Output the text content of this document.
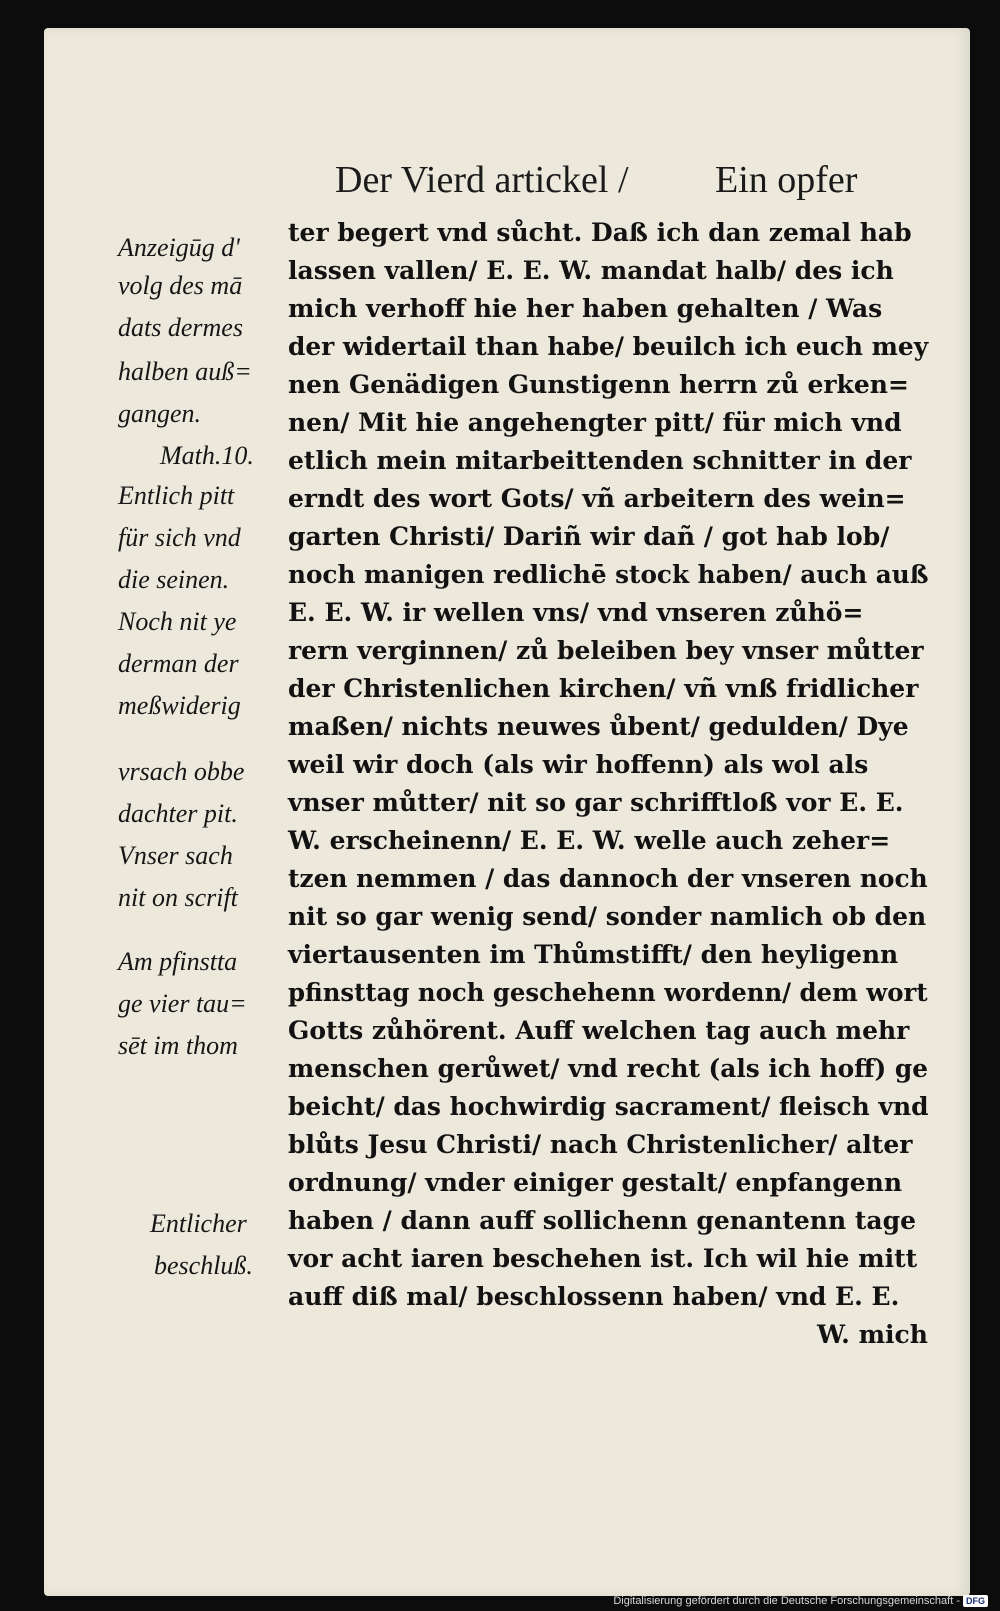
Der Vierd artickel / Ein opfer
Anzeigūg d'
volg des mā
dats dermes
halben auß=
gangen.
Math.10.
Entlich pitt
für sich vnd
die seinen.
Noch nit ye
derman der
meßwiderig
vrsach obbe
dachter pit.
Vnser sach
nit on scrift
Am pfinstta
ge vier tau=
sēt im thom
Entlicher
beschluß.
ter begert vnd sůcht. Daß ich dan zemal hab
lassen vallen/ E. E. W. mandat halb/ des ich
mich verhoff hie her haben gehalten / Was
der widertail than habe/ beuilch ich euch mey
nen Genädigen Gunstigenn herrn zů erken=
nen/ Mit hie angehengter pitt/ für mich vnd
etlich mein mitarbeittenden schnitter in der
erndt des wort Gots/ vñ arbeitern des wein=
garten Christi/ Dariñ wir dañ / got hab lob/
noch manigen redlichē stock haben/ auch auß
E. E. W. ir wellen vns/ vnd vnseren zůhö=
rern verginnen/ zů beleiben bey vnser můtter
der Christenlichen kirchen/ vñ vnß fridlicher
maßen/ nichts neuwes ůbent/ gedulden/ Dye
weil wir doch (als wir hoffenn) als wol als
vnser můtter/ nit so gar schrifftloß vor E. E.
W. erscheinenn/ E. E. W. welle auch zeher=
tzen nemmen / das dannoch der vnseren noch
nit so gar wenig send/ sonder namlich ob den
viertausenten im Thůmstifft/ den heyligenn
pfinsttag noch geschehenn wordenn/ dem wort
Gotts zůhörent. Auff welchen tag auch mehr
menschen gerůwet/ vnd recht (als ich hoff) ge
beicht/ das hochwirdig sacrament/ fleisch vnd
blůts Jesu Christi/ nach Christenlicher/ alter
ordnung/ vnder einiger gestalt/ enpfangenn
haben / dann auff sollichenn genantenn tage
vor acht iaren beschehen ist. Ich wil hie mitt
auff diß mal/ beschlossenn haben/ vnd E. E.
W. mich
Digitalisierung gefördert durch die Deutsche Forschungsgemeinschaft - DFG
